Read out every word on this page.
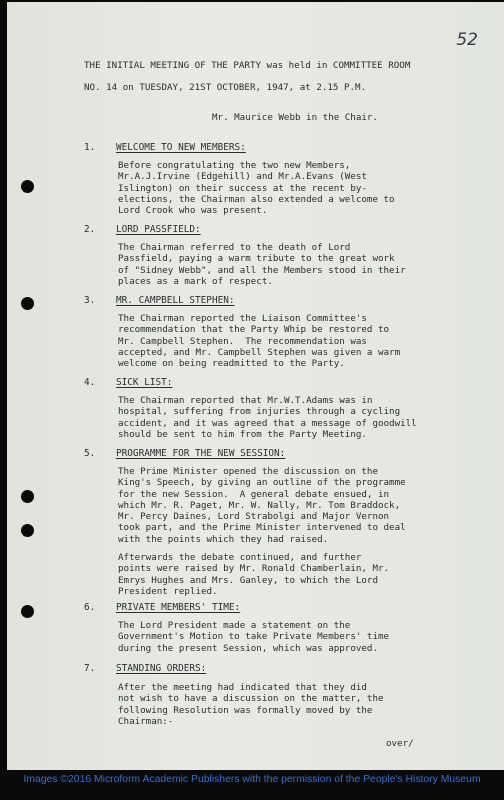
52
THE INITIAL MEETING OF THE PARTY was held in COMMITTEE ROOM
NO. 14 on TUESDAY, 21ST OCTOBER, 1947, at 2.15 P.M.
Mr. Maurice Webb in the Chair.
1. WELCOME TO NEW MEMBERS:
Before congratulating the two new Members,
Mr.A.J.Irvine (Edgehill) and Mr.A.Evans (West
Islington) on their success at the recent by-
elections, the Chairman also extended a welcome to
Lord Crook who was present.
2. LORD PASSFIELD:
The Chairman referred to the death of Lord
Passfield, paying a warm tribute to the great work
of "Sidney Webb", and all the Members stood in their
places as a mark of respect.
3. MR. CAMPBELL STEPHEN:
The Chairman reported the Liaison Committee's
recommendation that the Party Whip be restored to
Mr. Campbell Stephen.  The recommendation was
accepted, and Mr. Campbell Stephen was given a warm
welcome on being readmitted to the Party.
4. SICK LIST:
The Chairman reported that Mr.W.T.Adams was in
hospital, suffering from injuries through a cycling
accident, and it was agreed that a message of goodwill
should be sent to him from the Party Meeting.
5. PROGRAMME FOR THE NEW SESSION:
The Prime Minister opened the discussion on the
King's Speech, by giving an outline of the programme
for the new Session.  A general debate ensued, in
which Mr. R. Paget, Mr. W. Nally, Mr. Tom Braddock,
Mr. Percy Daines, Lord Strabolgi and Major Vernon
took part, and the Prime Minister intervened to deal
with the points which they had raised.
Afterwards the debate continued, and further
points were raised by Mr. Ronald Chamberlain, Mr.
Emrys Hughes and Mrs. Ganley, to which the Lord
President replied.
6. PRIVATE MEMBERS' TIME:
The Lord President made a statement on the
Government's Motion to take Private Members' time
during the present Session, which was approved.
7. STANDING ORDERS:
After the meeting had indicated that they did
not wish to have a discussion on the matter, the
following Resolution was formally moved by the
Chairman:-
over/
Images ©2016 Microform Academic Publishers with the permission of the People's History Museum
